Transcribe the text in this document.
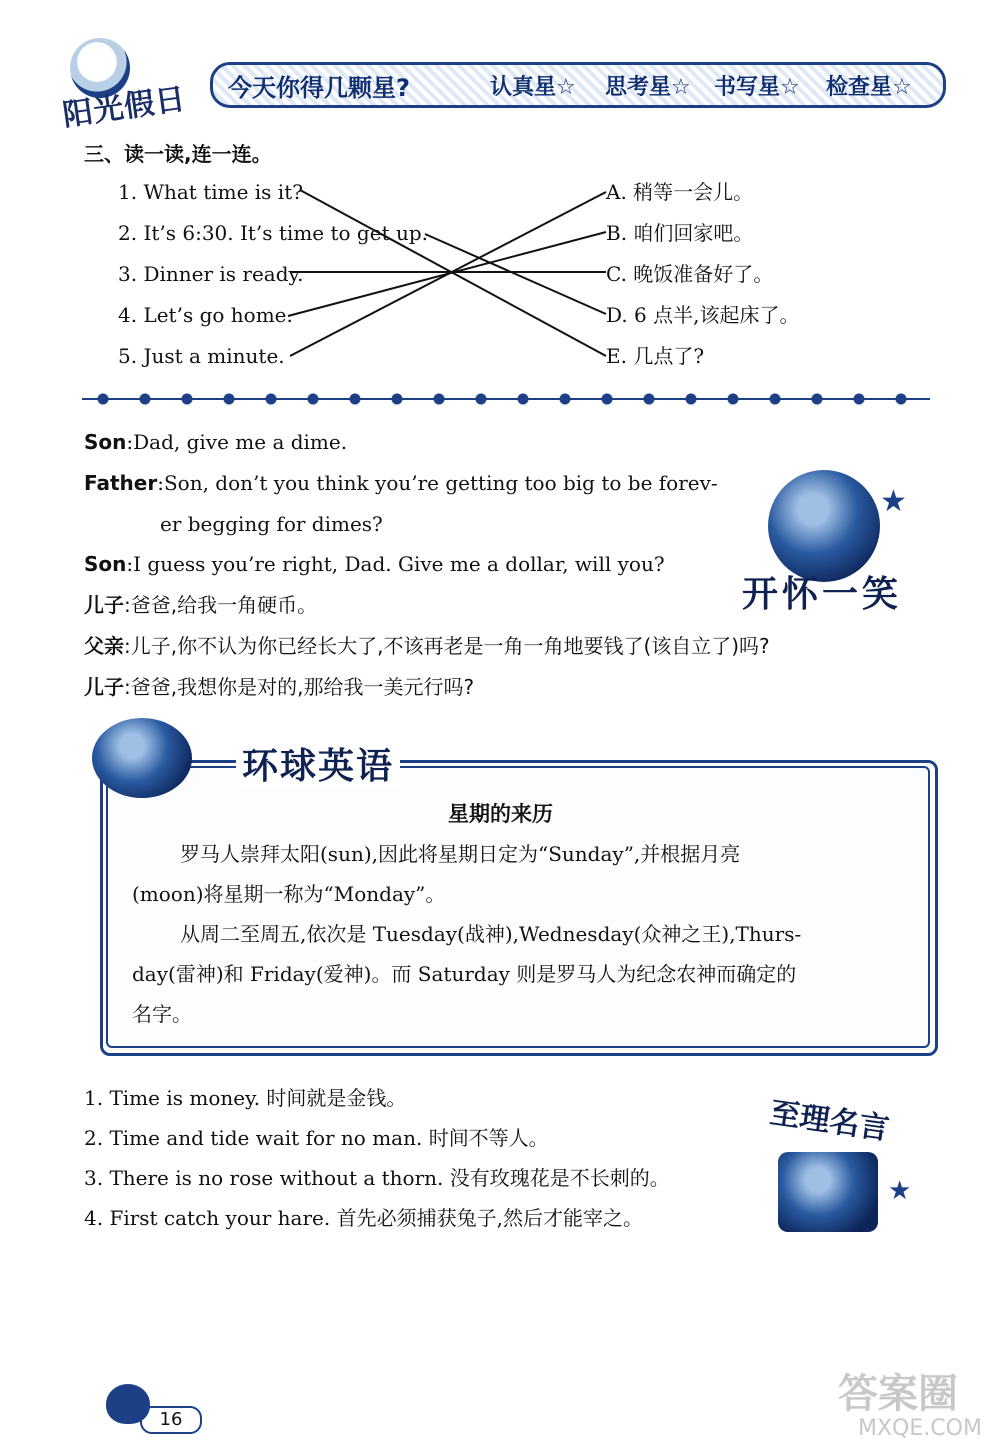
阳光假日 今天你得几颗星?	认真星☆ 思考星☆ 书写星☆ 检查星☆
三、读一读,连一连。
1. What time is it?
2. It’s 6:30. It’s time to get up.
3. Dinner is ready.
4. Let’s go home.
5. Just a minute.
A. 稍等一会儿。
B. 咱们回家吧。
C. 晚饭准备好了。
D. 6 点半,该起床了。
E. 几点了?
Son:Dad, give me a dime.
Father:Son, don’t you think you’re getting too big to be forev-
er begging for dimes?
Son:I guess you’re right, Dad. Give me a dollar, will you?
儿子:爸爸,给我一角硬币。
父亲:儿子,你不认为你已经长大了,不该再老是一角一角地要钱了(该自立了)吗?
儿子:爸爸,我想你是对的,那给我一美元行吗?
★
开怀一笑
环球英语
星期的来历
罗马人崇拜太阳(sun),因此将星期日定为“Sunday”,并根据月亮
(moon)将星期一称为“Monday”。
从周二至周五,依次是 Tuesday(战神),Wednesday(众神之王),Thurs-
day(雷神)和 Friday(爱神)。而 Saturday 则是罗马人为纪念农神而确定的
名字。
1. Time is money. 时间就是金钱。
2. Time and tide wait for no man. 时间不等人。
3. There is no rose without a thorn. 没有玫瑰花是不长刺的。
4. First catch your hare. 首先必须捕获兔子,然后才能宰之。
至理名言
★
16
答案圈
MXQE.COM
